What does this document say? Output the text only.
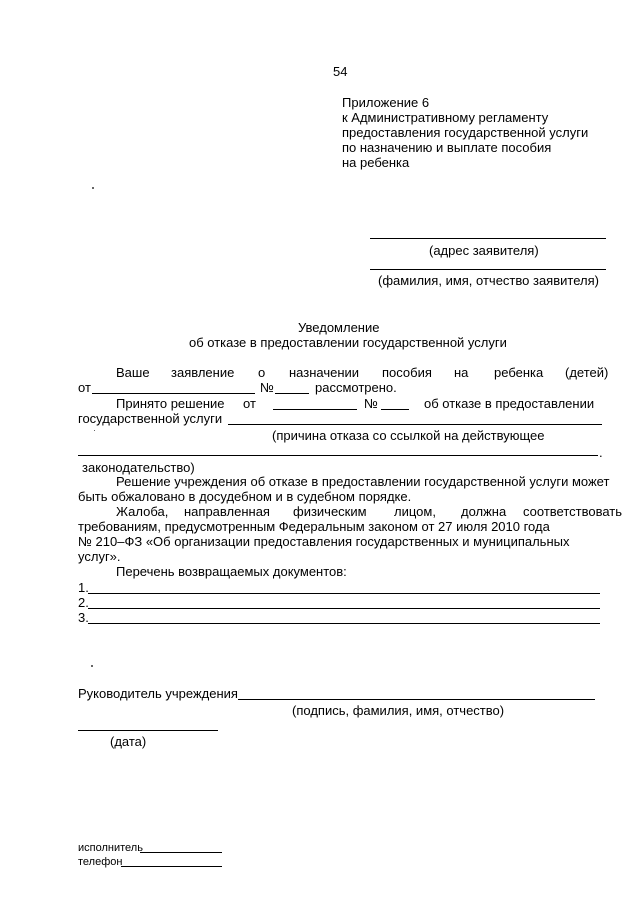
54
Приложение 6
к Административному регламенту
предоставления государственной услуги
по назначению и выплате пособия
на ребенка
(адрес заявителя)
(фамилия, имя, отчество заявителя)
Уведомление
об отказе в предоставлении государственной услуги
Ваше заявление о назначении пособия на ребенка (детей)
от	№	рассмотрено.
Принято решение от	№	об отказе в предоставлении
государственной услуги
(причина отказа со ссылкой на действующее
.
законодательство)
Решение учреждения об отказе в предоставлении государственной услуги может
быть обжаловано в досудебном и в судебном порядке.
Жалоба, направленная физическим лицом, должна соответствовать
требованиям, предусмотренным Федеральным законом от 27 июля 2010 года
№ 210–ФЗ «Об организации предоставления государственных и муниципальных
услуг».
Перечень возвращаемых документов:
1.
2.
3.
Руководитель учреждения
(подпись, фамилия, имя, отчество)
(дата)
исполнитель
телефон
